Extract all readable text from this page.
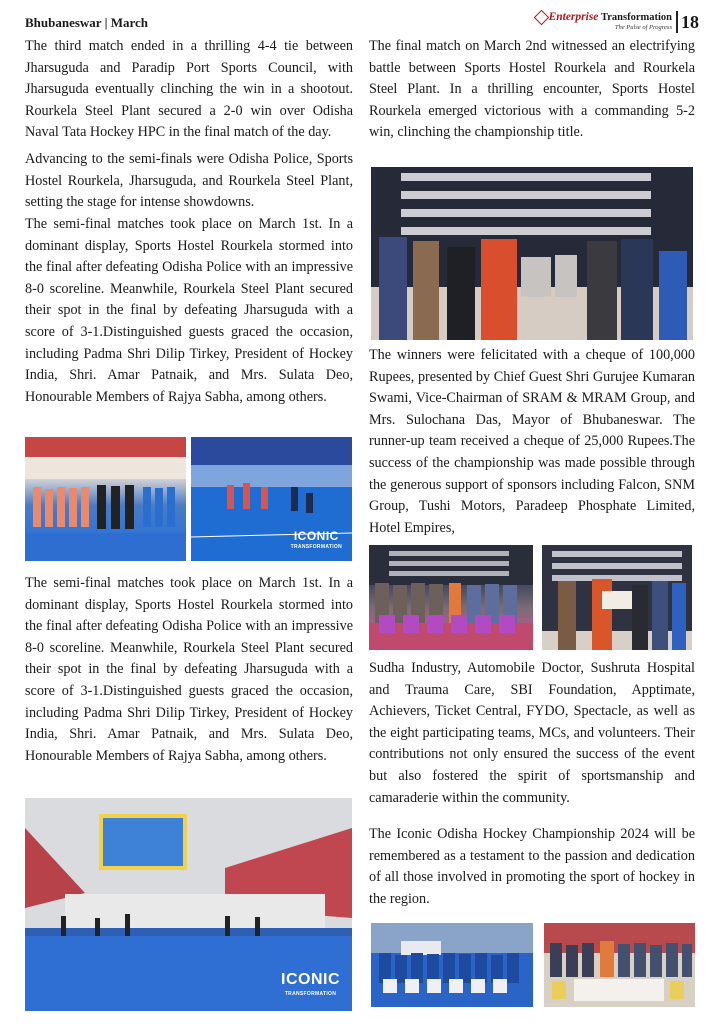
Bhubaneswar | March	Enterprise
Transformation
The Pulse of Progress 18

The third match ended in a thrilling 4-4 tie between Jharsuguda and Paradip Port Sports Council, with Jharsuguda eventually clinching the win in a shootout. Rourkela Steel Plant secured a 2-0 win over Odisha Naval Tata Hockey HPC in the final match of the day.

Advancing to the semi-finals were Odisha Police, Sports Hostel Rourkela, Jharsuguda, and Rourkela Steel Plant, setting the stage for intense showdowns.

The semi-final matches took place on March 1st. In a dominant display, Sports Hostel Rourkela stormed into the final after defeating Odisha Police with an impressive 8-0 scoreline. Meanwhile, Rourkela Steel Plant secured their spot in the final by defeating Jharsuguda with a score of 3-1.Distinguished guests graced the occasion, including Padma Shri Dilip Tirkey, President of Hockey India, Shri. Amar Patnaik, and Mrs. Sulata Deo, Honourable Members of Rajya Sabha, among others.

ICONIC
TRANSFORMATION

The semi-final matches took place on March 1st. In a dominant display, Sports Hostel Rourkela stormed into the final after defeating Odisha Police with an impressive 8-0 scoreline. Meanwhile, Rourkela Steel Plant secured their spot in the final by defeating Jharsuguda with a score of 3-1.Distinguished guests graced the occasion, including Padma Shri Dilip Tirkey, President of Hockey India, Shri. Amar Patnaik, and Mrs. Sulata Deo, Honourable Members of Rajya Sabha, among others.

ICONIC
TRANSFORMATION

The final match on March 2nd witnessed an electrifying battle between Sports Hostel Rourkela and Rourkela Steel Plant. In a thrilling encounter, Sports Hostel Rourkela emerged victorious with a commanding 5-2 win, clinching the championship title.

The winners were felicitated with a cheque of 100,000 Rupees, presented by Chief Guest Shri Gurujee Kumaran Swami, Vice-Chairman of SRAM & MRAM Group, and Mrs. Sulochana Das, Mayor of Bhubaneswar. The runner-up team received a cheque of 25,000 Rupees.The success of the championship was made possible through the generous support of sponsors including Falcon, SNM Group, Tushi Motors, Paradeep Phosphate Limited, Hotel Empires,

Sudha Industry, Automobile Doctor, Sushruta Hospital and Trauma Care, SBI Foundation, Apptimate, Achievers, Ticket Central, FYDO, Spectacle, as well as the eight participating teams, MCs, and volunteers. Their contributions not only ensured the success of the event but also fostered the spirit of sportsmanship and camaraderie within the community.

The Iconic Odisha Hockey Championship 2024 will be remembered as a testament to the passion and dedication of all those involved in promoting the sport of hockey in the region.
